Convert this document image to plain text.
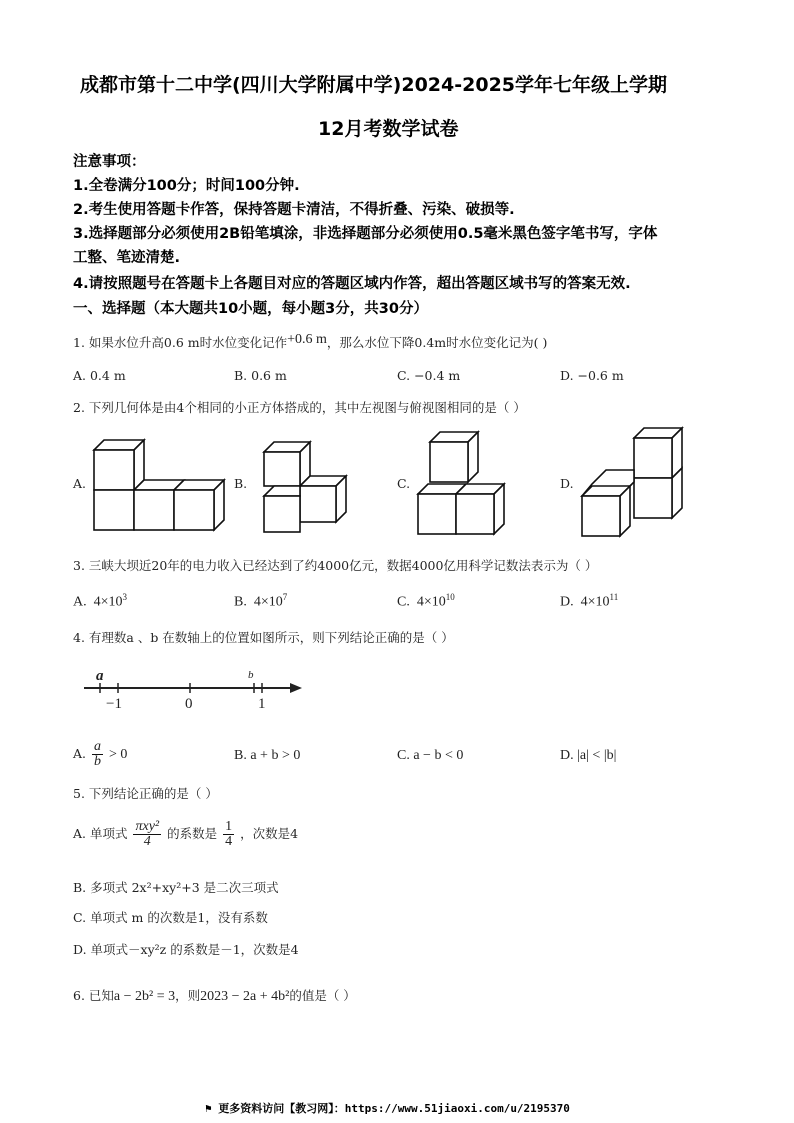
成都市第十二中学(四川大学附属中学)2024-2025学年七年级上学期
12月考数学试卷
注意事项：
1.全卷满分100分；时间100分钟.
2.考生使用答题卡作答，保持答题卡清洁，不得折叠、污染、破损等.
3.选择题部分必须使用2B铅笔填涂，非选择题部分必须使用0.5毫米黑色签字笔书写，字体
工整、笔迹清楚.
4.请按照题号在答题卡上各题目对应的答题区域内作答，超出答题区域书写的答案无效.
一、选择题（本大题共10小题，每小题3分，共30分）
1. 如果水位升高0.6 m时水位变化记作+0.6 m，那么水位下降0.4m时水位变化记为( )
A. 0.4 m	B. 0.6 m	C. −0.4 m	D. −0.6 m
2. 下列几何体是由4个相同的小正方体搭成的，其中左视图与俯视图相同的是（ ）
A.	B.	C.	D.
3. 三峡大坝近20年的电力收入已经达到了约4000亿元，数据4000亿用科学记数法表示为（ ）
A. $4\times 10^3$	B. $4\times 10^7$	C. $4\times 10^{10}$	D. $4\times 10^{11}$
4. 有理数a 、b 在数轴上的位置如图所示，则下列结论正确的是（ ）
a	b
−1	0	1
A. $\frac{a}{b} > 0$	B. a + b > 0	C. a − b < 0	D. |a| < |b|
5. 下列结论正确的是（ ）
A. 单项式 $\frac{\text{πxy²}}{4}$ 的系数是 $\frac{1}{4}$ ，次数是4
B. 多项式 2x²+xy²+3 是二次三项式
C. 单项式 m 的次数是1，没有系数
D. 单项式－xy²z 的系数是－1，次数是4
6. 已知a − 2b² = 3，则2023 − 2a + 4b²的值是（ ）
⚑ 更多资料访问【教习网】：https://www.51jiaoxi.com/u/2195370
